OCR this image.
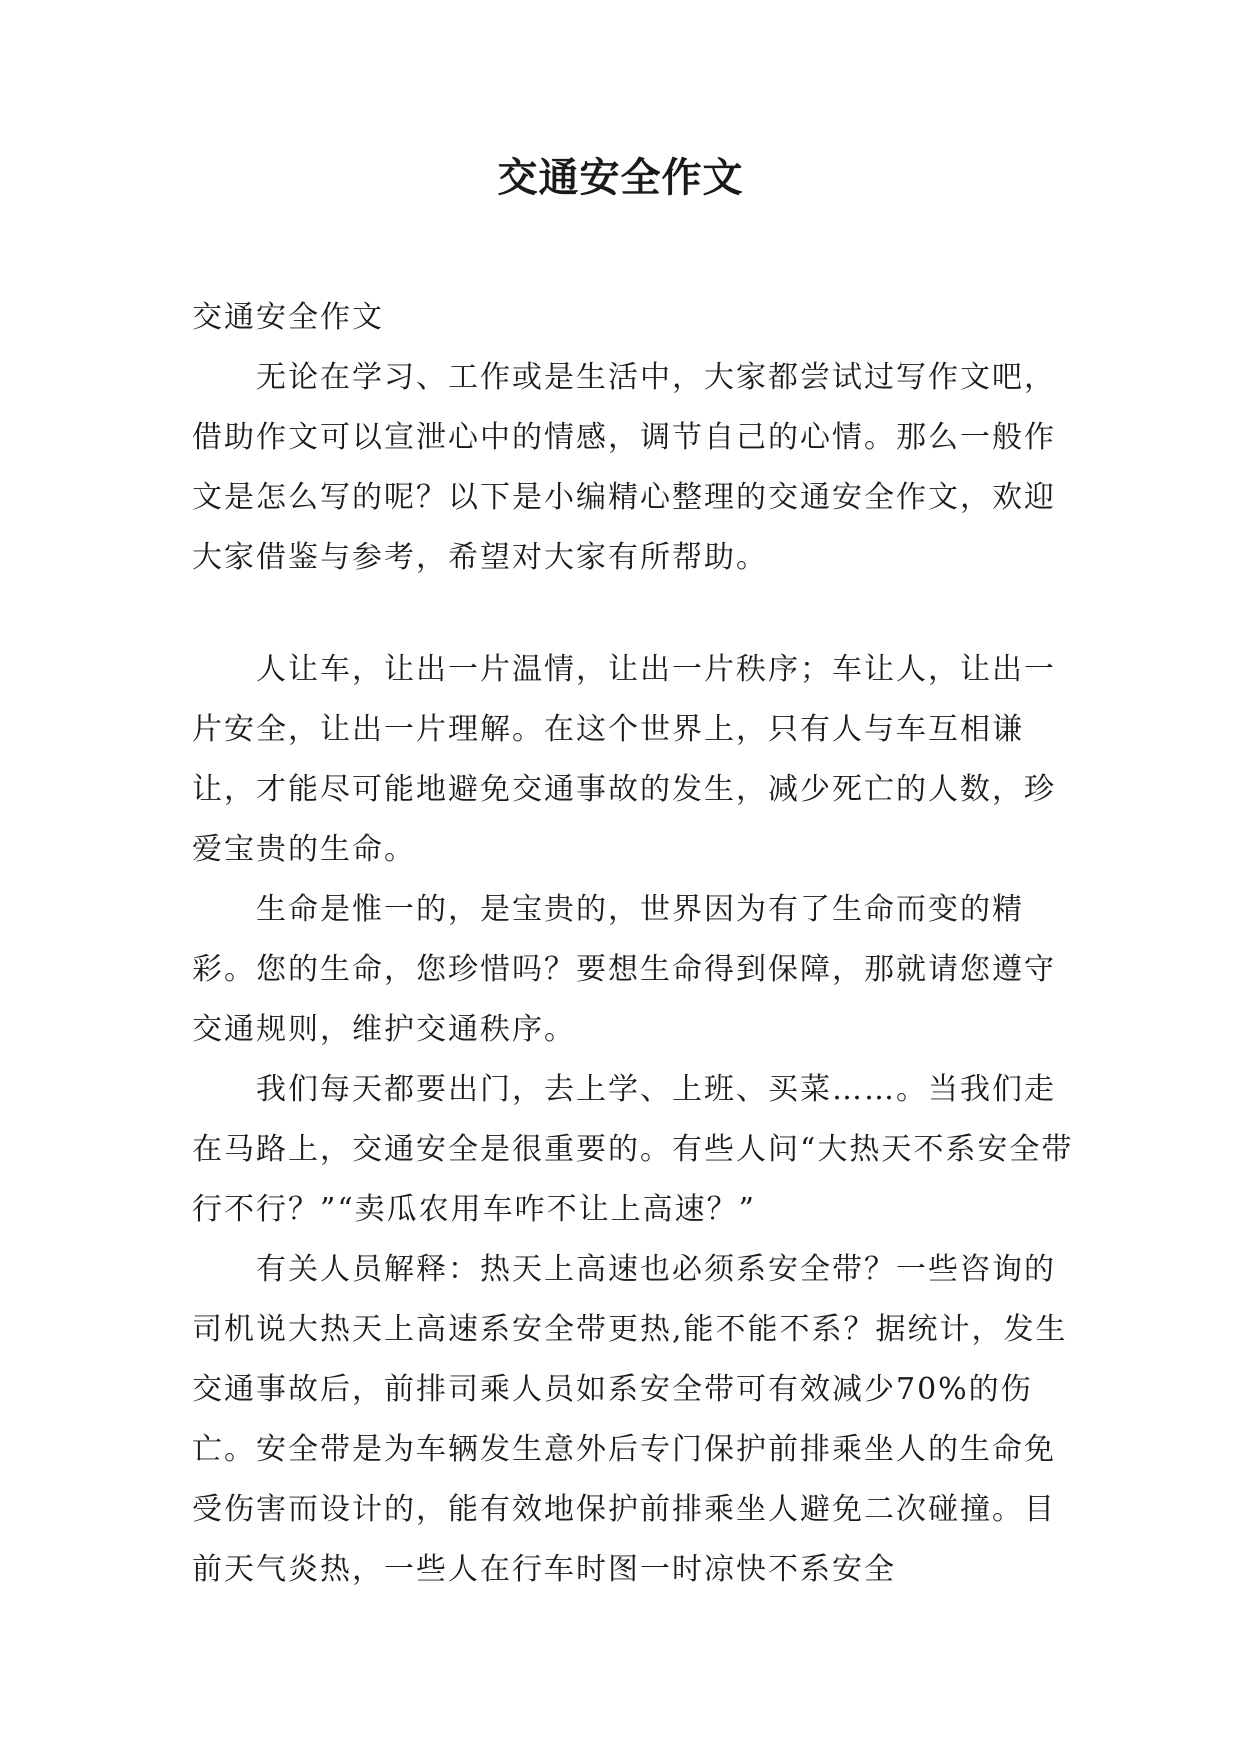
交通安全作文

交通安全作文

无论在学习、工作或是生活中，大家都尝试过写作文吧，借助作文可以宣泄心中的情感，调节自己的心情。那么一般作文是怎么写的呢？以下是小编精心整理的交通安全作文，欢迎大家借鉴与参考，希望对大家有所帮助。

人让车，让出一片温情，让出一片秩序；车让人，让出一片安全，让出一片理解。在这个世界上，只有人与车互相谦让，才能尽可能地避免交通事故的发生，减少死亡的人数，珍爱宝贵的生命。

生命是惟一的，是宝贵的，世界因为有了生命而变的精彩。您的生命，您珍惜吗？要想生命得到保障，那就请您遵守交通规则，维护交通秩序。

我们每天都要出门，去上学、上班、买菜……。当我们走在马路上，交通安全是很重要的。有些人问“大热天不系安全带行不行？”“卖瓜农用车咋不让上高速？”

有关人员解释：热天上高速也必须系安全带？一些咨询的司机说大热天上高速系安全带更热,能不能不系？据统计，发生交通事故后，前排司乘人员如系安全带可有效减少70%的伤亡。安全带是为车辆发生意外后专门保护前排乘坐人的生命免受伤害而设计的，能有效地保护前排乘坐人避免二次碰撞。目前天气炎热，一些人在行车时图一时凉快不系安全
